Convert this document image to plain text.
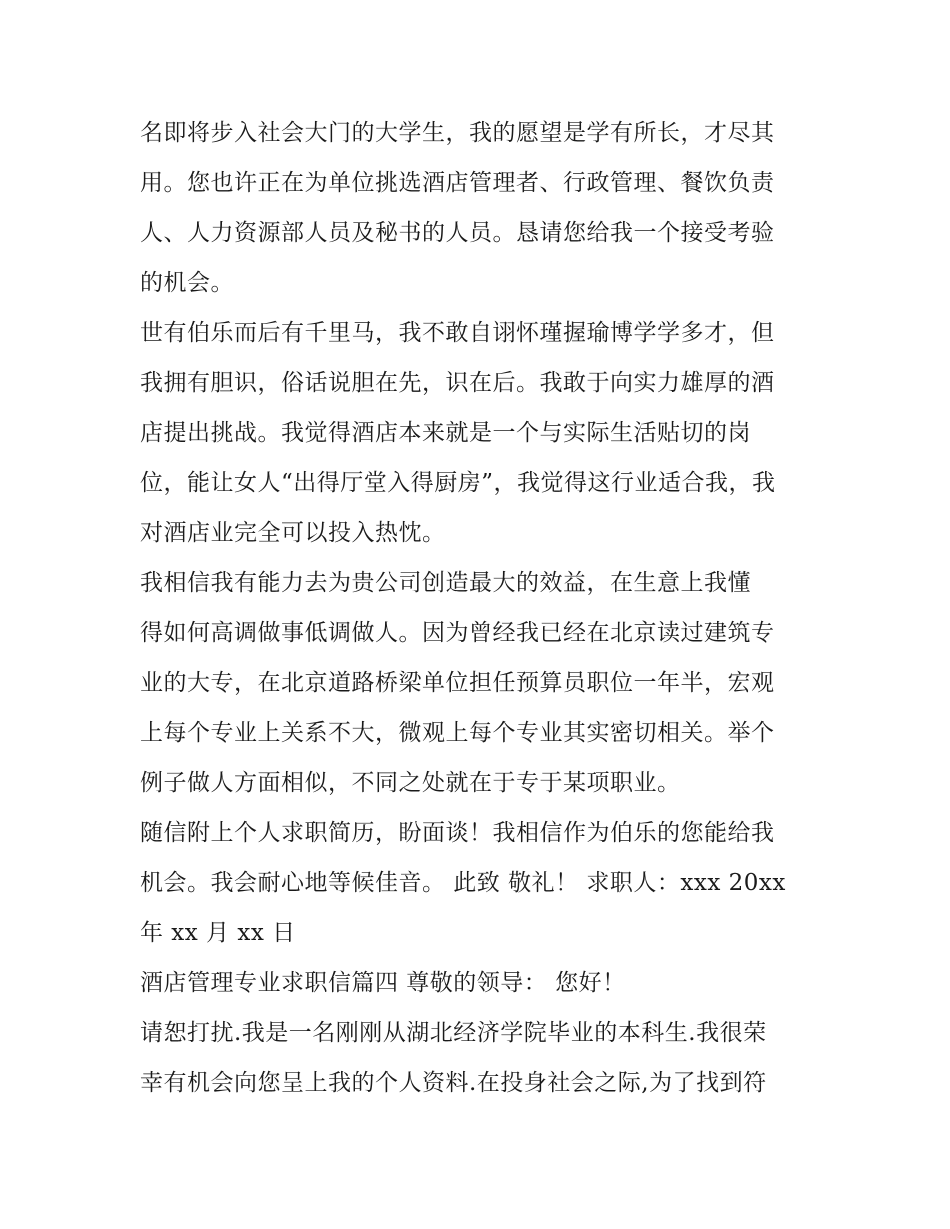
名即将步入社会大门的大学生，我的愿望是学有所长，才尽其
用。您也许正在为单位挑选酒店管理者、行政管理、餐饮负责
人、人力资源部人员及秘书的人员。恳请您给我一个接受考验
的机会。
世有伯乐而后有千里马，我不敢自诩怀瑾握瑜博学学多才，但
我拥有胆识，俗话说胆在先，识在后。我敢于向实力雄厚的酒
店提出挑战。我觉得酒店本来就是一个与实际生活贴切的岗
位，能让女人“出得厅堂入得厨房”，我觉得这行业适合我，我
对酒店业完全可以投入热忱。
我相信我有能力去为贵公司创造最大的效益，在生意上我懂
得如何高调做事低调做人。因为曾经我已经在北京读过建筑专
业的大专，在北京道路桥梁单位担任预算员职位一年半，宏观
上每个专业上关系不大，微观上每个专业其实密切相关。举个
例子做人方面相似，不同之处就在于专于某项职业。
随信附上个人求职简历，盼面谈！我相信作为伯乐的您能给我
机会。我会耐心地等候佳音。 此致 敬礼！ 求职人：xxx 20xx
年 xx 月 xx 日
酒店管理专业求职信篇四 尊敬的领导： 您好！
请恕打扰.我是一名刚刚从湖北经济学院毕业的本科生.我很荣
幸有机会向您呈上我的个人资料.在投身社会之际,为了找到符
